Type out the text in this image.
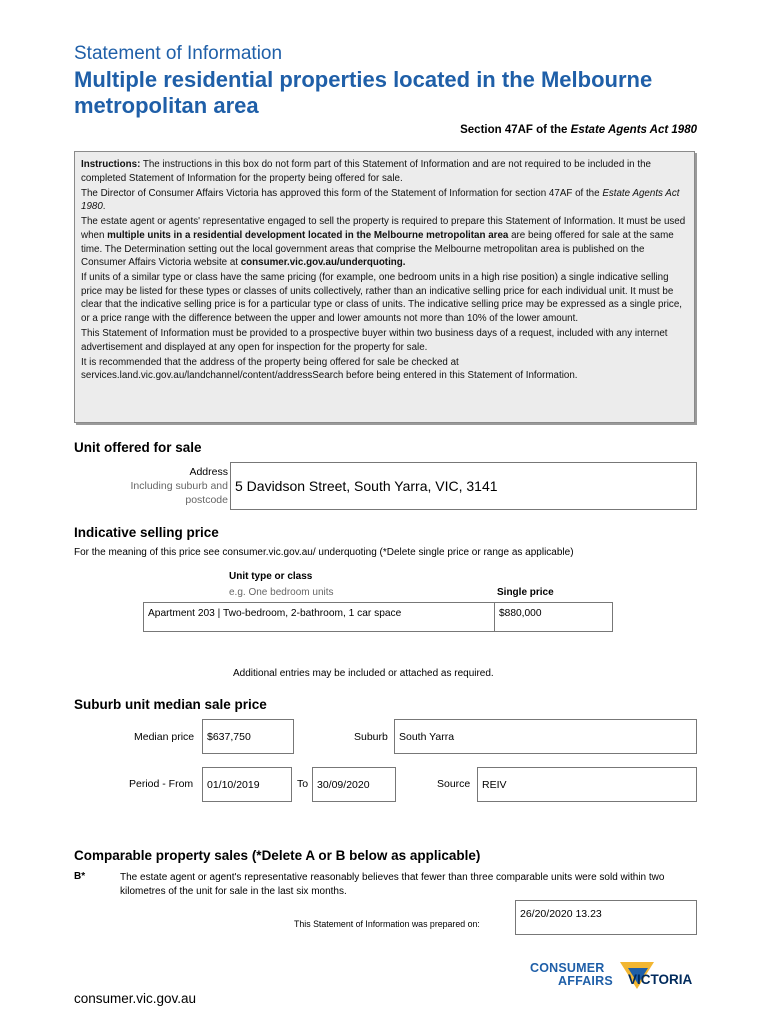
Statement of Information
Multiple residential properties located in the Melbourne metropolitan area
Section 47AF of the Estate Agents Act 1980

Instructions: The instructions in this box do not form part of this Statement of Information and are not required to be included in the completed Statement of Information for the property being offered for sale.

The Director of Consumer Affairs Victoria has approved this form of the Statement of Information for section 47AF of the Estate Agents Act 1980.

The estate agent or agents' representative engaged to sell the property is required to prepare this Statement of Information. It must be used when multiple units in a residential development located in the Melbourne metropolitan area are being offered for sale at the same time. The Determination setting out the local government areas that comprise the Melbourne metropolitan area is published on the Consumer Affairs Victoria website at consumer.vic.gov.au/underquoting.

If units of a similar type or class have the same pricing (for example, one bedroom units in a high rise position) a single indicative selling price may be listed for these types or classes of units collectively, rather than an indicative selling price for each individual unit. It must be clear that the indicative selling price is for a particular type or class of units. The indicative selling price may be expressed as a single price, or a price range with the difference between the upper and lower amounts not more than 10% of the lower amount.

This Statement of Information must be provided to a prospective buyer within two business days of a request, included with any internet advertisement and displayed at any open for inspection for the property for sale.

It is recommended that the address of the property being offered for sale be checked at services.land.vic.gov.au/landchannel/content/addressSearch before being entered in this Statement of Information.

Unit offered for sale
Address
Including suburb and
postcode
5 Davidson Street, South Yarra, VIC, 3141
Indicative selling price
For the meaning of this price see consumer.vic.gov.au/ underquoting (*Delete single price or range as applicable)
Unit type or class
e.g. One bedroom units	Single price
Apartment 203 | Two-bedroom, 2-bathroom, 1 car space	$880,000
Additional entries may be included or attached as required.
Suburb unit median sale price
Median price	$637,750	Suburb	South Yarra
Period - From	01/10/2019	To 30/09/2020	Source	REIV
Comparable property sales (*Delete A or B below as applicable)
B*	The estate agent or agent's representative reasonably believes that fewer than three comparable units were sold within two kilometres of the unit for sale in the last six months.
This Statement of Information was prepared on:
26/20/2020 13.23
consumer.vic.gov.au
CONSUMER
AFFAIRS VICTORIA
